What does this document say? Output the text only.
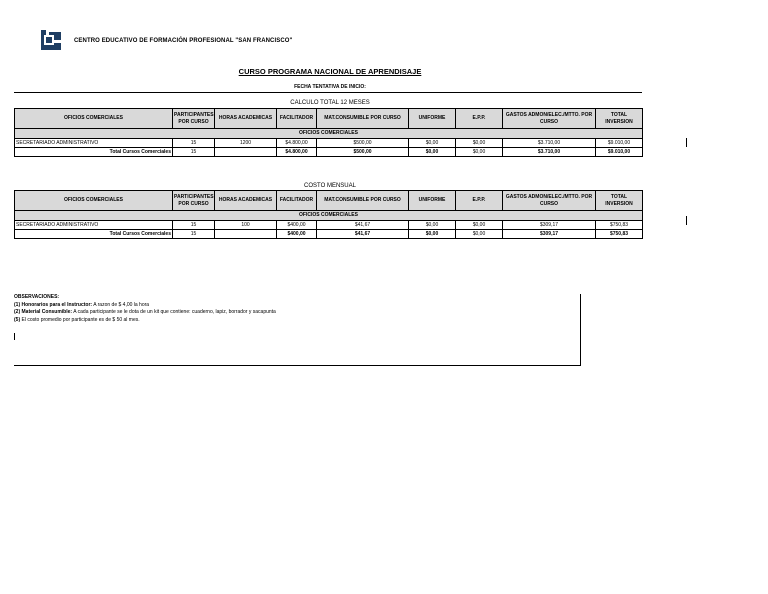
CENTRO EDUCATIVO DE FORMACIÓN PROFESIONAL "SAN FRANCISCO"
CURSO PROGRAMA NACIONAL DE APRENDISAJE
FECHA TENTATIVA DE INICIO:
CALCULO TOTAL 12 MESES
OFICIOS COMERCIALES	PARTICIPANTES POR CURSO	HORAS ACADEMICAS	FACILITADOR	MAT.CONSUMIBLE POR CURSO	UNIFORME	E.P.P.	GASTOS ADMON/ELEC./MTTO. POR CURSO	TOTAL INVERSION
OFICIOS COMERCIALES								
SECRETARIADO ADMINISTRATIVO	15	1200	$4.800,00	$500,00	$0,00	$0,00	$3.710,00	$9.010,00
Total Cursos Comerciales	15		$4.800,00	$500,00	$0,00	$0,00	$3.710,00	$9.010,00
COSTO MENSUAL
OFICIOS COMERCIALES	PARTICIPANTES POR CURSO	HORAS ACADEMICAS	FACILITADOR	MAT.CONSUMIBLE POR CURSO	UNIFORME	E.P.P.	GASTOS ADMON/ELEC./MTTO. POR CURSO	TOTAL INVERSION
OFICIOS COMERCIALES								
SECRETARIADO ADMINISTRATIVO	15	100	$400,00	$41,67	$0,00	$0,00	$309,17	$750,83
Total Cursos Comerciales	15		$400,00	$41,67	$0,00	$0,00	$309,17	$750,83
OBSERVACIONES:
(1) Honorarios para el Instructor: A razon de $ 4,00 la hora
(2) Material Consumible: A cada participante se le dota de un kit que contiene: cuaderno, lapiz, borrador y sacapunta
(5) El costo promedio por participante es de $ 50 al mes.
